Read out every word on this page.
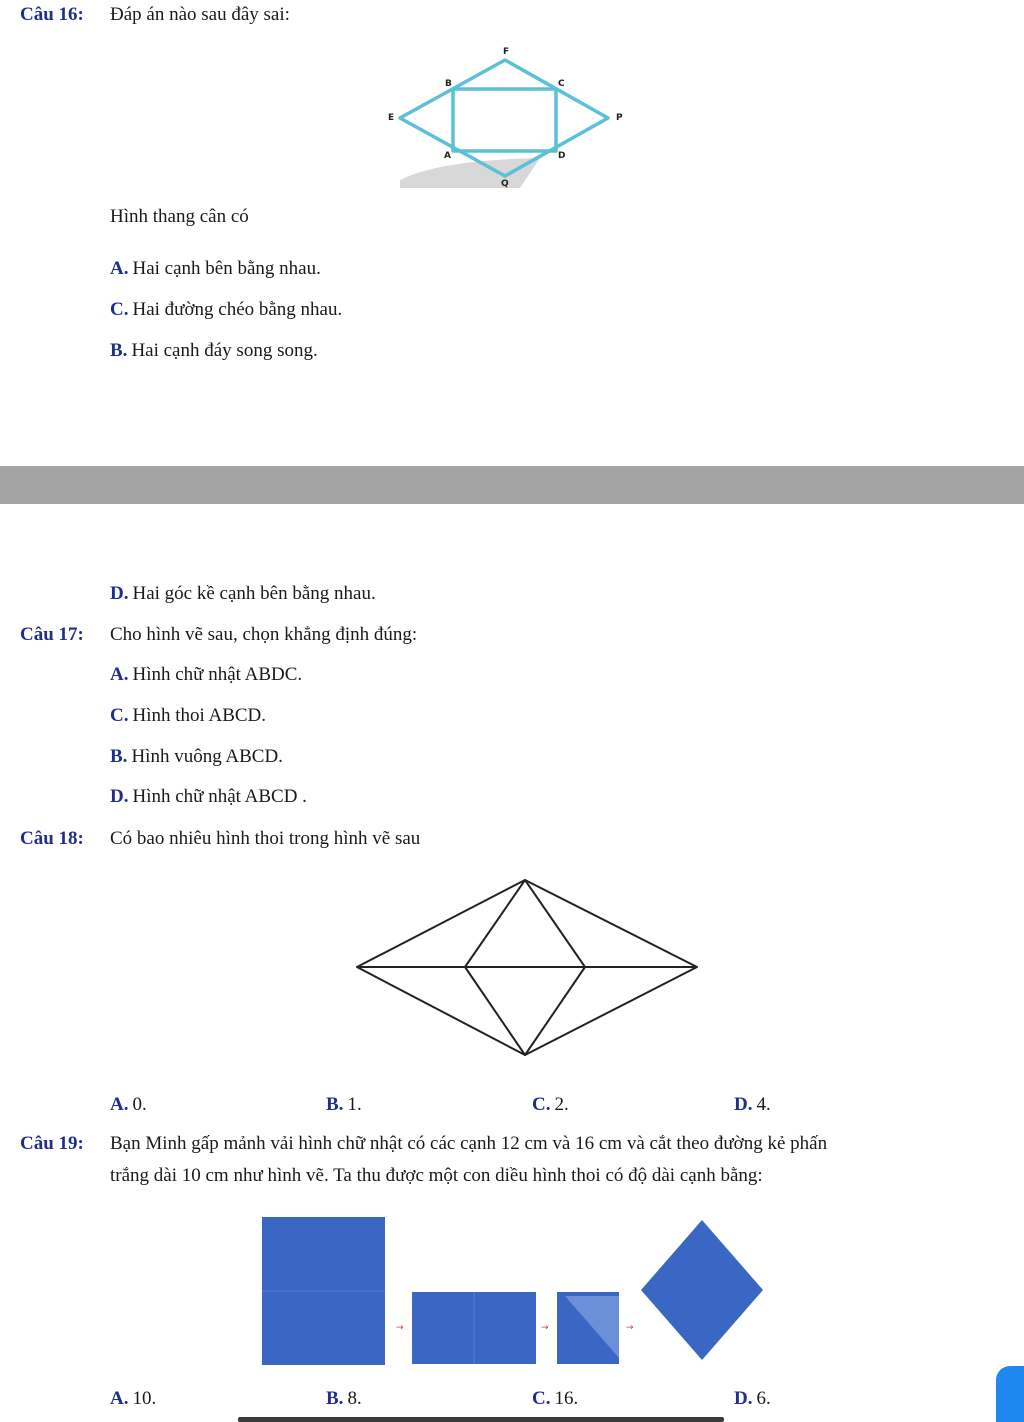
Câu 16: Đáp án nào sau đây sai:
F
B	C
E	P
A	D
Q
Hình thang cân có
A. Hai cạnh bên bằng nhau.
C. Hai đường chéo bằng nhau.
B. Hai cạnh đáy song song.
D. Hai góc kề cạnh bên bằng nhau.
Câu 17: Cho hình vẽ sau, chọn khẳng định đúng:
A. Hình chữ nhật ABDC.
C. Hình thoi ABCD.
B. Hình vuông ABCD.
D. Hình chữ nhật ABCD .
Câu 18: Có bao nhiêu hình thoi trong hình vẽ sau
A. 0.	B. 1.	C. 2.	D. 4.
Câu 19: Bạn Minh gấp mảnh vải hình chữ nhật có các cạnh 12 cm và 16 cm và cắt theo đường kẻ phấn
trắng dài 10 cm như hình vẽ. Ta thu được một con diều hình thoi có độ dài cạnh bằng:
→	→	→
A. 10.	B. 8.	C. 16.	D. 6.
